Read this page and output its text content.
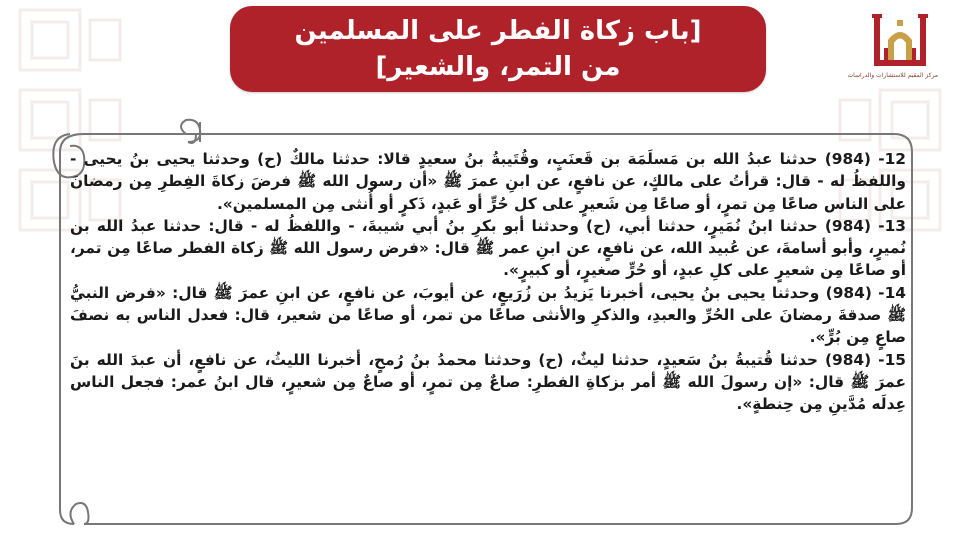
[باب زكاة الفطر على المسلمين
من التمر، والشعير]	مركز المقيم للاستشارات والدراسات

12- (984) حدثنا عبدُ الله بن مَسلَمَة بن قَعنَبٍ، وقُتَيبةُ بنُ سعيدٍ قالا: حدثنا مالكٌ (ح) وحدثنا يحيى بنُ يحيى - واللفظُ له - قال: قرأتُ على مالكٍ، عن نافعٍ، عن ابنِ عمرَ ﷺ «أن رسول الله ﷺ فرضَ زكاةَ الفِطرِ مِن رمضانَ على الناس صاعًا مِن تمرٍ، أو صاعًا مِن شَعيرٍ على كل حُرٍّ أو عَبدٍ، ذَكرٍ أو أُنثى مِن المسلمين».

13- (984) حدثنا ابنُ نُمَيرٍ، حدثنا أبي، (ح) وحدثنا أبو بكرِ بنُ أبي شيبةَ، - واللفظُ له - قال: حدثنا عبدُ الله بن نُميرٍ، وأبو أسامةَ، عن عُبيد الله، عن نافعٍ، عن ابنِ عمر ﷺ قال: «فرض رسول الله ﷺ زكاة الفطر صاعًا مِن تمر، أو صاعًا مِن شعيرٍ على كلِ عبدٍ، أو حُرٍّ صغيرٍ، أو كبيرٍ».

14- (984) وحدثنا يحيى بنُ يحيى، أخبرنا يَزيدُ بن زُرَيعٍ، عن أيوبَ، عن نافعٍ، عن ابنِ عمرَ ﷺ قال: «فرض النبيُّ ﷺ صدقةَ رمضانَ على الحُرِّ والعبدِ، والذكرِ والأنثى صاعًا من تمر، أو صاعًا من شعير، قال: فعدل الناس به نصفَ صاعٍ مِن بُرٍّ».

15- (984) حدثنا قُتيبةُ بنُ سَعيدٍ، حدثنا ليثٌ، (ح) وحدثنا محمدُ بنُ رُمحٍ، أخبرنا الليثُ، عن نافعٍ، أن عبدَ الله بنَ عمرَ ﷺ قال: «إن رسولَ الله ﷺ أمر بزكاةِ الفطرِ: صاعٌ مِن تمرٍ، أو صاعٌ مِن شعيرٍ، قال ابنُ عمر: فجعل الناس عِدلَه مُدَّينِ مِن حِنطةٍ».
